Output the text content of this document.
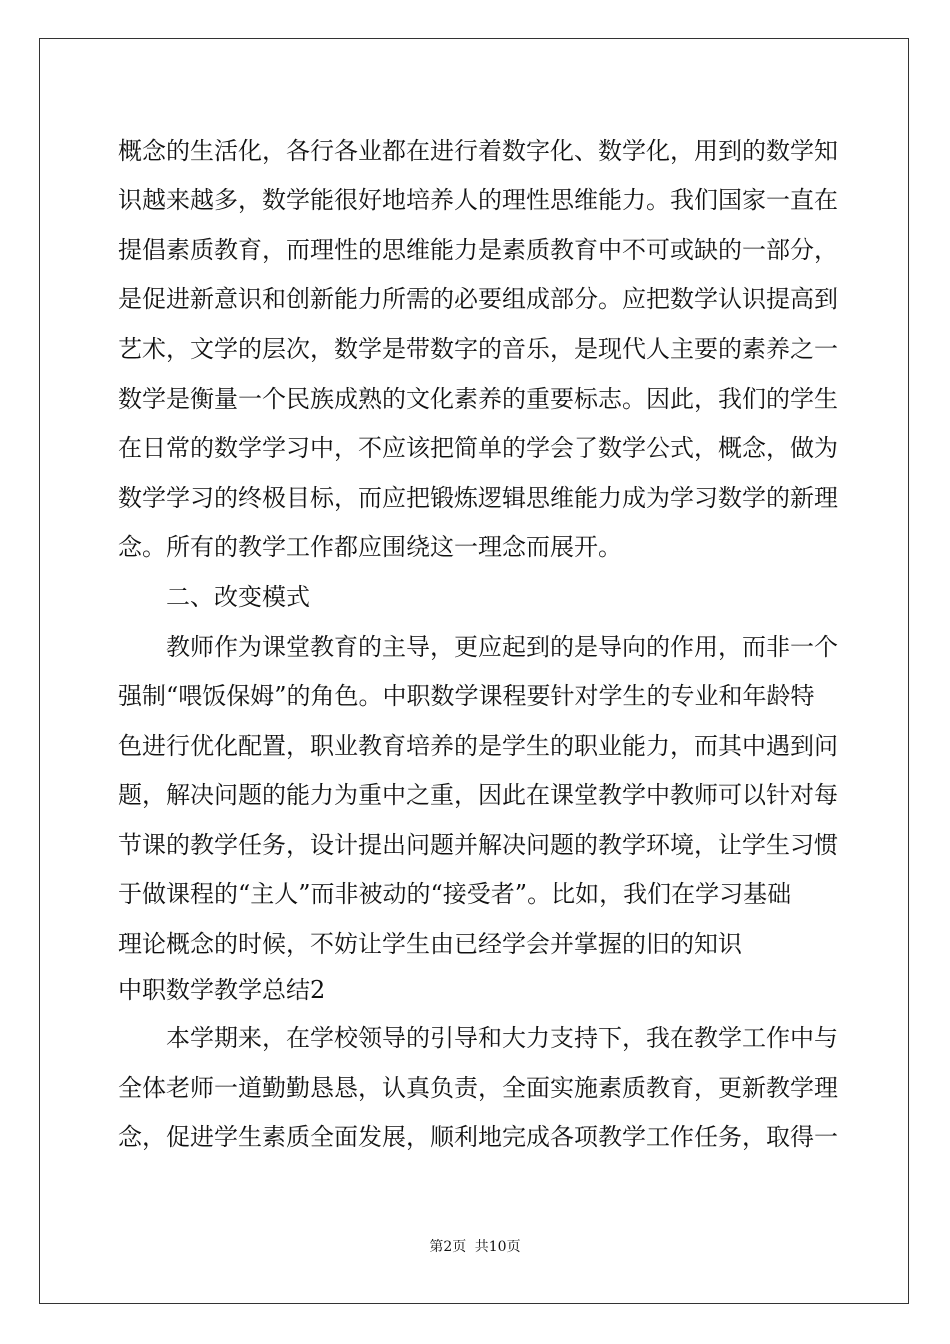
概念的生活化，各行各业都在进行着数字化、数学化，用到的数学知
识越来越多，数学能很好地培养人的理性思维能力。我们国家一直在
提倡素质教育，而理性的思维能力是素质教育中不可或缺的一部分，
是促进新意识和创新能力所需的必要组成部分。应把数学认识提高到
艺术，文学的层次，数学是带数字的音乐，是现代人主要的素养之一
数学是衡量一个民族成熟的文化素养的重要标志。因此，我们的学生
在日常的数学学习中，不应该把简单的学会了数学公式，概念，做为
数学学习的终极目标，而应把锻炼逻辑思维能力成为学习数学的新理
念。所有的教学工作都应围绕这一理念而展开。
二、改变模式
教师作为课堂教育的主导，更应起到的是导向的作用，而非一个
强制“喂饭保姆”的角色。中职数学课程要针对学生的专业和年龄特
色进行优化配置，职业教育培养的是学生的职业能力，而其中遇到问
题，解决问题的能力为重中之重，因此在课堂教学中教师可以针对每
节课的教学任务，设计提出问题并解决问题的教学环境，让学生习惯
于做课程的“主人”而非被动的“接受者”。比如，我们在学习基础
理论概念的时候，不妨让学生由已经学会并掌握的旧的知识
中职数学教学总结2
本学期来，在学校领导的引导和大力支持下，我在教学工作中与
全体老师一道勤勤恳恳，认真负责，全面实施素质教育，更新教学理
念，促进学生素质全面发展，顺利地完成各项教学工作任务，取得一
第2页 共10页
